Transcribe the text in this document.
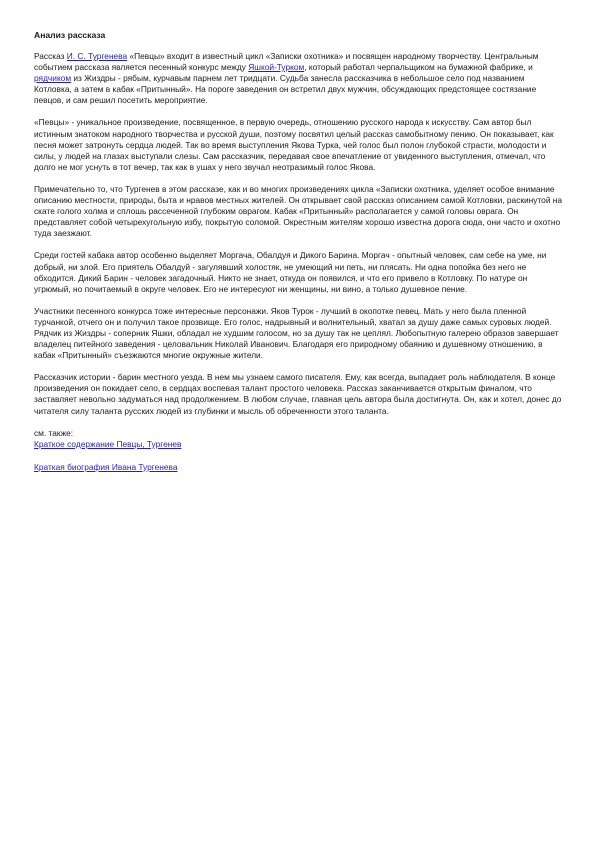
Анализ рассказа

Рассказ И. С. Тургенева «Певцы» входит в известный цикл «Записки охотника» и посвящен народному творчеству. Центральным событием рассказа является песенный конкурс между Яшкой-Турком, который работал черпальщиком на бумажной фабрике, и рядчиком из Жиздры - рябым, курчавым парнем лет тридцати. Судьба занесла рассказчика в небольшое село под названием Котловка, а затем в кабак «Притынный». На пороге заведения он встретил двух мужчин, обсуждающих предстоящее состязание певцов, и сам решил посетить мероприятие.

«Певцы» - уникальное произведение, посвященное, в первую очередь, отношению русского народа к искусству. Сам автор был истинным знатоком народного творчества и русской души, поэтому посвятил целый рассказ самобытному пению. Он показывает, как песня может затронуть сердца людей. Так во время выступления Якова Турка, чей голос был полон глубокой страсти, молодости и силы, у людей на глазах выступали слезы. Сам рассказчик, передавая свое впечатление от увиденного выступления, отмечал, что долго не мог уснуть в тот вечер, так как в ушах у него звучал неотразимый голос Якова.

Примечательно то, что Тургенев в этом рассказе, как и во многих произведениях цикла «Записки охотника, уделяет особое внимание описанию местности, природы, быта и нравов местных жителей. Он открывает свой рассказ описанием самой Котловки, раскинутой на скате голого холма и сплошь рассеченной глубоким оврагом. Кабак «Притынный» располагается у самой головы оврага. Он представляет собой четырехугольную избу, покрытую соломой. Окрестным жителям хорошо известна дорога сюда, они часто и охотно туда заезжают.

Среди гостей кабака автор особенно выделяет Моргача, Обалдуя и Дикого Барина. Моргач - опытный человек, сам себе на уме, ни добрый, ни злой. Его приятель Обалдуй - загулявший холостяк, не умеющий ни петь, ни плясать. Ни одна попойка без него не обходится. Дикий Барин - человек загадочный. Никто не знает, откуда он появился, и что его привело в Котловку. По натуре он угрюмый, но почитаемый в округе человек. Его не интересуют ни женщины, ни вино, а только душевное пение.

Участники песенного конкурса тоже интересные персонажи. Яков Турок - лучший в окопотке певец. Мать у него была пленной турчанкой, отчего он и получил такое прозвище. Его голос, надрывный и волнительный, хватал за душу даже самых суровых людей. Рядчик из Жиздры - соперник Яшки, обладал не худшим голосом, но за душу так не цеплял. Любопытную галерею образов завершает владелец питейного заведения - целовальник Николай Иванович. Благодаря его природному обаянию и душевному отношению, в кабак «Притынный» съезжаются многие окружные жители.

Рассказчик истории - барин местного уезда. В нем мы узнаем самого писателя. Ему, как всегда, выпадает роль наблюдателя. В конце произведения он покидает село, в сердцах воспевая талант простого человека. Рассказ заканчивается открытым финалом, что заставляет невольно задуматься над продолжением. В любом случае, главная цель автора была достигнута. Он, как и хотел, донес до читателя силу таланта русских людей из глубинки и мысль об обреченности этого таланта.

см. также:
Краткое содержание Певцы, Тургенев
Краткая биография Ивана Тургенева
